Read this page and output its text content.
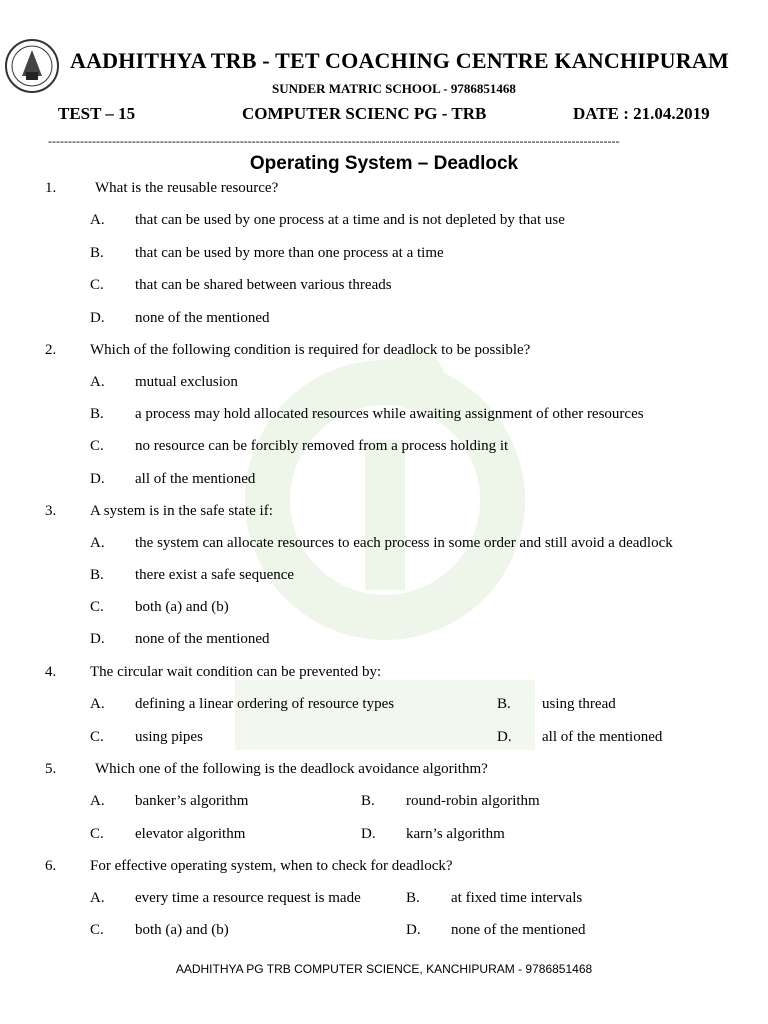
AADHITHYA TRB - TET COACHING CENTRE KANCHIPURAM
SUNDER MATRIC SCHOOL - 9786851468
TEST – 15	COMPUTER SCIENC PG - TRB	DATE : 21.04.2019
-----------------------------------------------------------------------------------------------------------------------------------------------
Operating System – Deadlock
1.	What is the reusable resource?
A. that can be used by one process at a time and is not depleted by that use
B. that can be used by more than one process at a time
C. that can be shared between various threads
D. none of the mentioned
2. Which of the following condition is required for deadlock to be possible?
A. mutual exclusion
B. a process may hold allocated resources while awaiting assignment of other resources
C. no resource can be forcibly removed from a process holding it
D. all of the mentioned
3. A system is in the safe state if:
A. the system can allocate resources to each process in some order and still avoid a deadlock
B. there exist a safe sequence
C. both (a) and (b)
D. none of the mentioned
4. The circular wait condition can be prevented by:
A. defining a linear ordering of resource types	B. using thread
C. using pipes	D. all of the mentioned
5.	Which one of the following is the deadlock avoidance algorithm?
A. banker’s algorithm	B. round-robin algorithm
C. elevator algorithm	D. karn’s algorithm
6. For effective operating system, when to check for deadlock?
A. every time a resource request is made	B. at fixed time intervals
C. both (a) and (b)	D. none of the mentioned
AADHITHYA PG TRB COMPUTER SCIENCE, KANCHIPURAM - 9786851468
